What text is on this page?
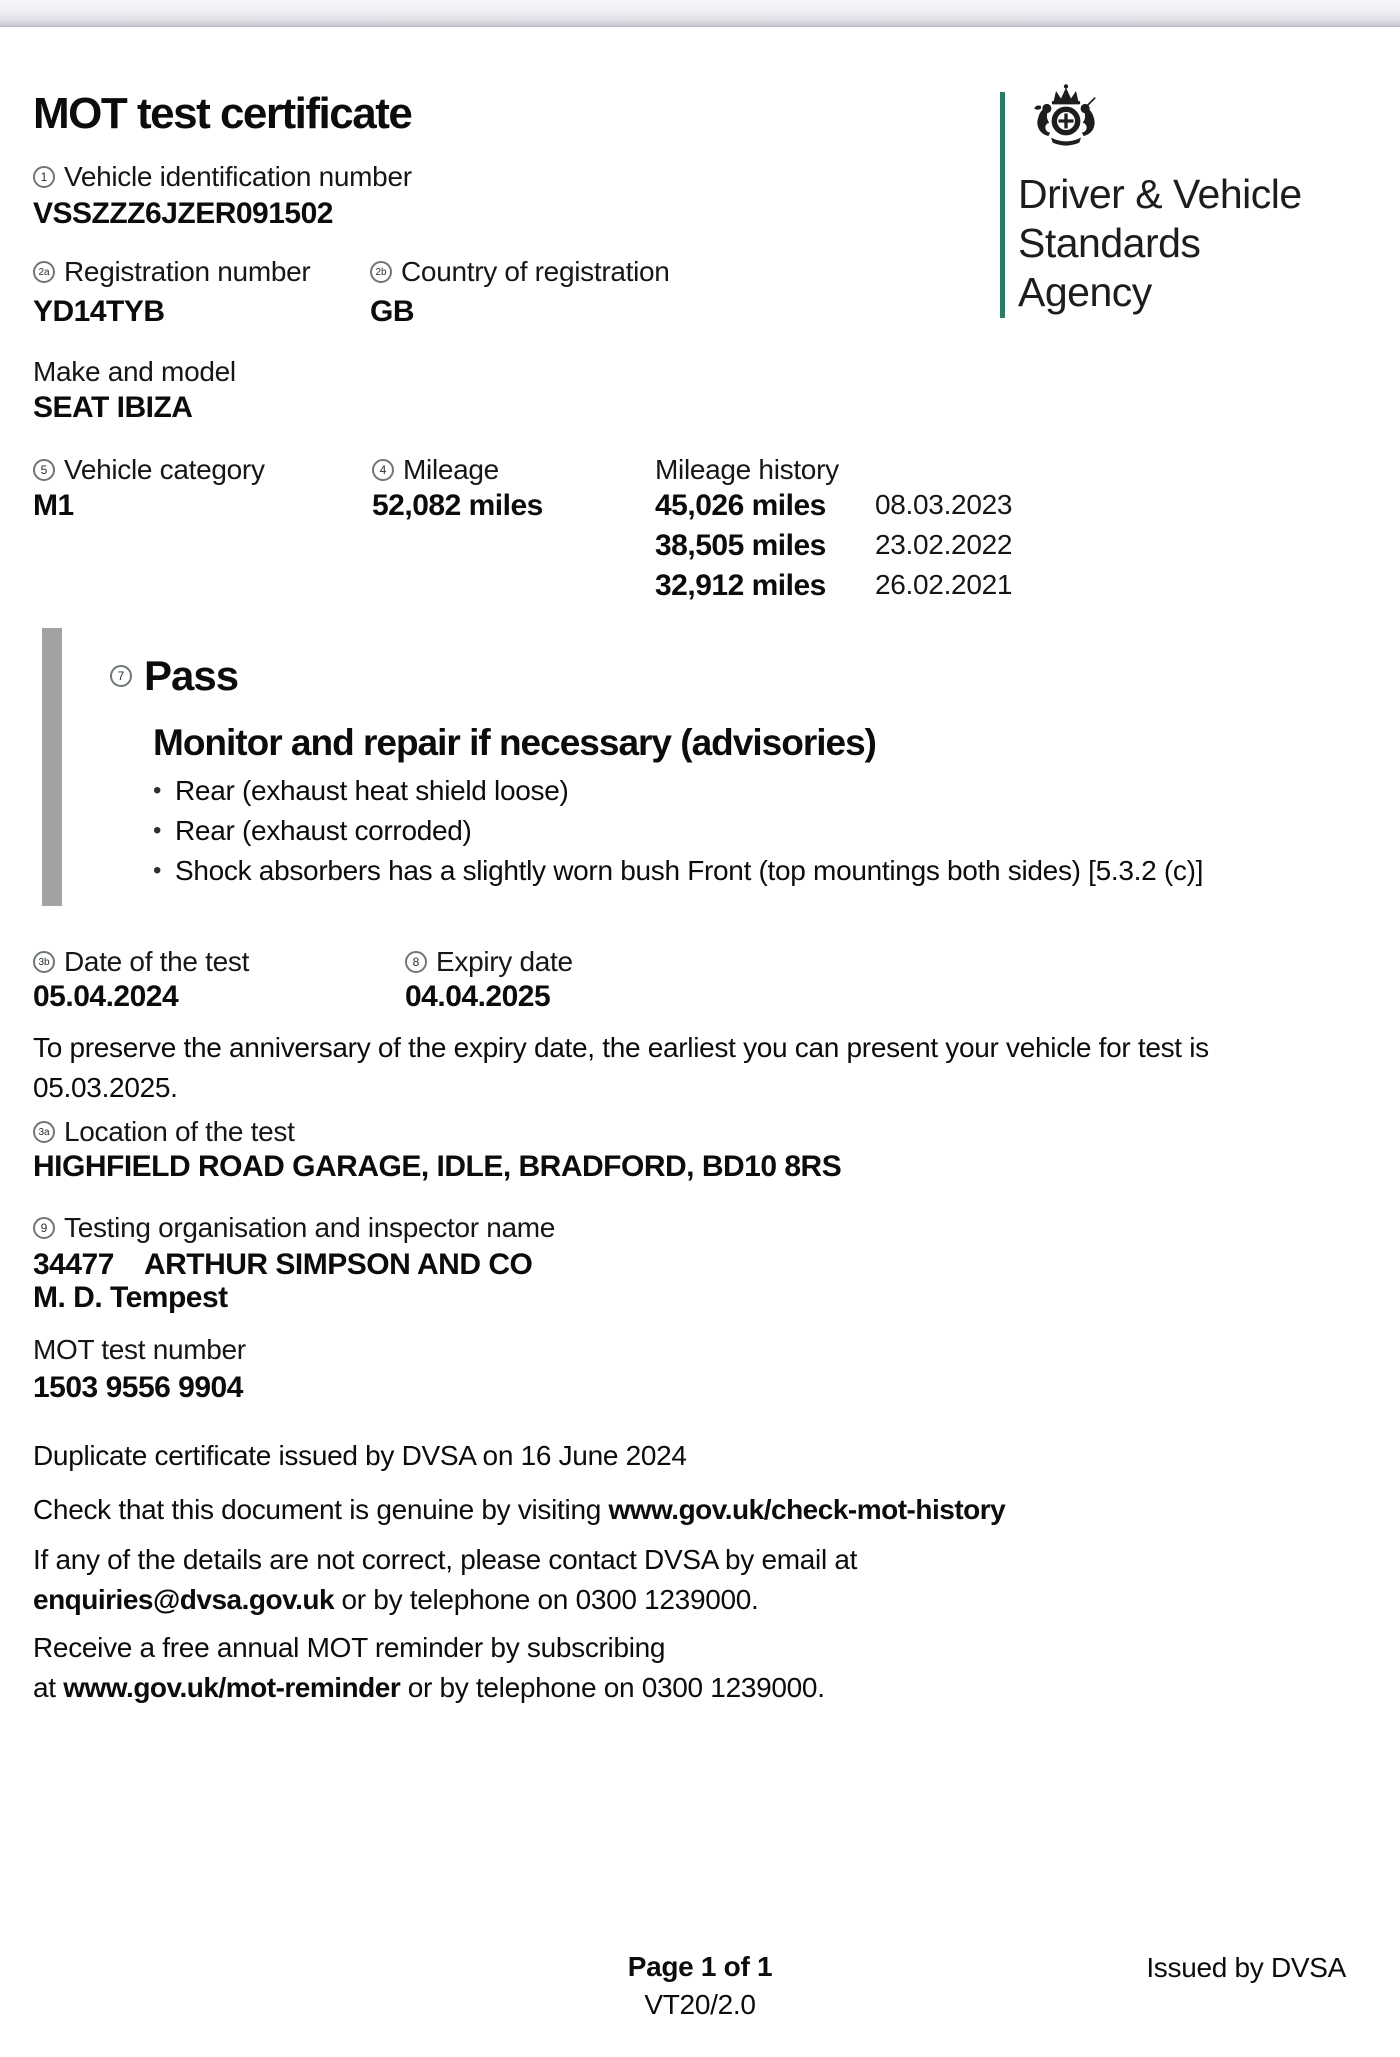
MOT test certificate
Driver & Vehicle
Standards
Agency
1 Vehicle identification number
VSSZZZ6JZER091502
2a Registration number	2b Country of registration
YD14TYB	GB
Make and model
SEAT IBIZA
5 Vehicle category	4 Mileage	Mileage history
M1	52,082 miles	45,026 miles 08.03.2023
38,505 miles 23.02.2022
32,912 miles 26.02.2021
7 Pass
Monitor and repair if necessary (advisories)
• Rear (exhaust heat shield loose)
• Rear (exhaust corroded)
• Shock absorbers has a slightly worn bush Front (top mountings both sides) [5.3.2 (c)]
3b Date of the test	8 Expiry date
05.04.2024	04.04.2025
To preserve the anniversary of the expiry date, the earliest you can present your vehicle for test is
05.03.2025.
3a Location of the test
HIGHFIELD ROAD GARAGE, IDLE, BRADFORD, BD10 8RS
9 Testing organisation and inspector name
34477 ARTHUR SIMPSON AND CO
M. D. Tempest
MOT test number
1503 9556 9904
Duplicate certificate issued by DVSA on 16 June 2024
Check that this document is genuine by visiting www.gov.uk/check-mot-history
If any of the details are not correct, please contact DVSA by email at
enquiries@dvsa.gov.uk or by telephone on 0300 1239000.
Receive a free annual MOT reminder by subscribing
at www.gov.uk/mot-reminder or by telephone on 0300 1239000.
Page 1 of 1
VT20/2.0
Issued by DVSA
